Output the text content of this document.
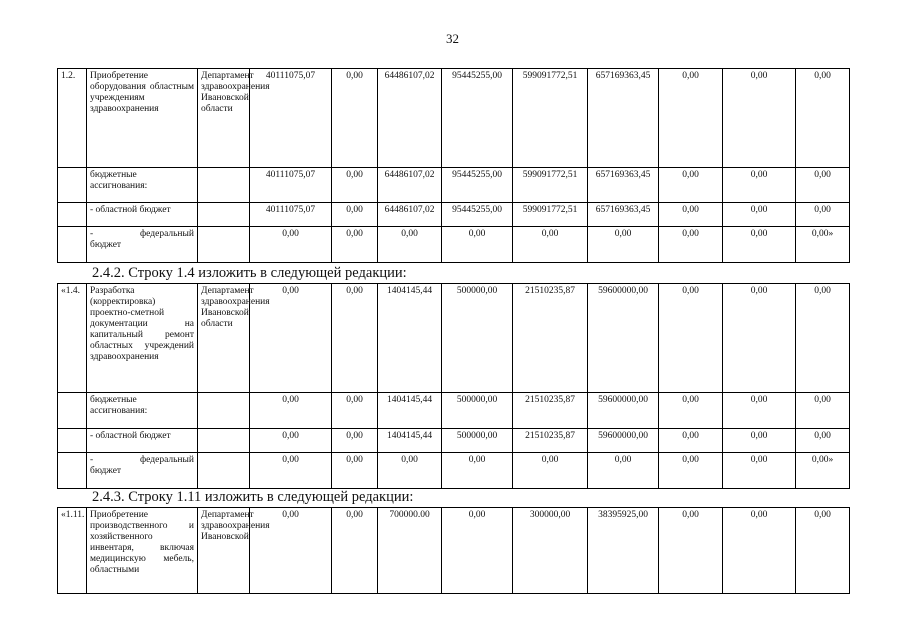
32
1.2.	Приобретение оборудования областным учреждениям здравоохранения	Департамент здравоохранения Ивановской области	40111075,07	0,00	64486107,02	95445255,00	599091772,51	657169363,45	0,00	0,00	0,00
	бюджетные ассигнования:		40111075,07	0,00	64486107,02	95445255,00	599091772,51	657169363,45	0,00	0,00	0,00
	- областной бюджет		40111075,07	0,00	64486107,02	95445255,00	599091772,51	657169363,45	0,00	0,00	0,00

	- федеральный
бюджет		0,00	0,00	0,00	0,00	0,00	0,00	0,00	0,00	0,00»
2.4.2. Строку 1.4 изложить в следующей редакции:
«1.4.	Разработка (корректировка) проектно-сметной документации на капитальный ремонт областных учреждений здравоохранения	Департамент здравоохранения Ивановской области	0,00	0,00	1404145,44	500000,00	21510235,87	59600000,00	0,00	0,00	0,00
	бюджетные ассигнования:		0,00	0,00	1404145,44	500000,00	21510235,87	59600000,00	0,00	0,00	0,00
	- областной бюджет		0,00	0,00	1404145,44	500000,00	21510235,87	59600000,00	0,00	0,00	0,00

	- федеральный
бюджет		0,00	0,00	0,00	0,00	0,00	0,00	0,00	0,00	0,00»
2.4.3. Строку 1.11 изложить в следующей редакции:
«1.11.	Приобретение производственного и хозяйственного инвентаря, включая медицинскую мебель, областными	Департамент здравоохранения Ивановской	0,00	0,00	700000.00	0,00	300000,00	38395925,00	0,00	0,00	0,00
